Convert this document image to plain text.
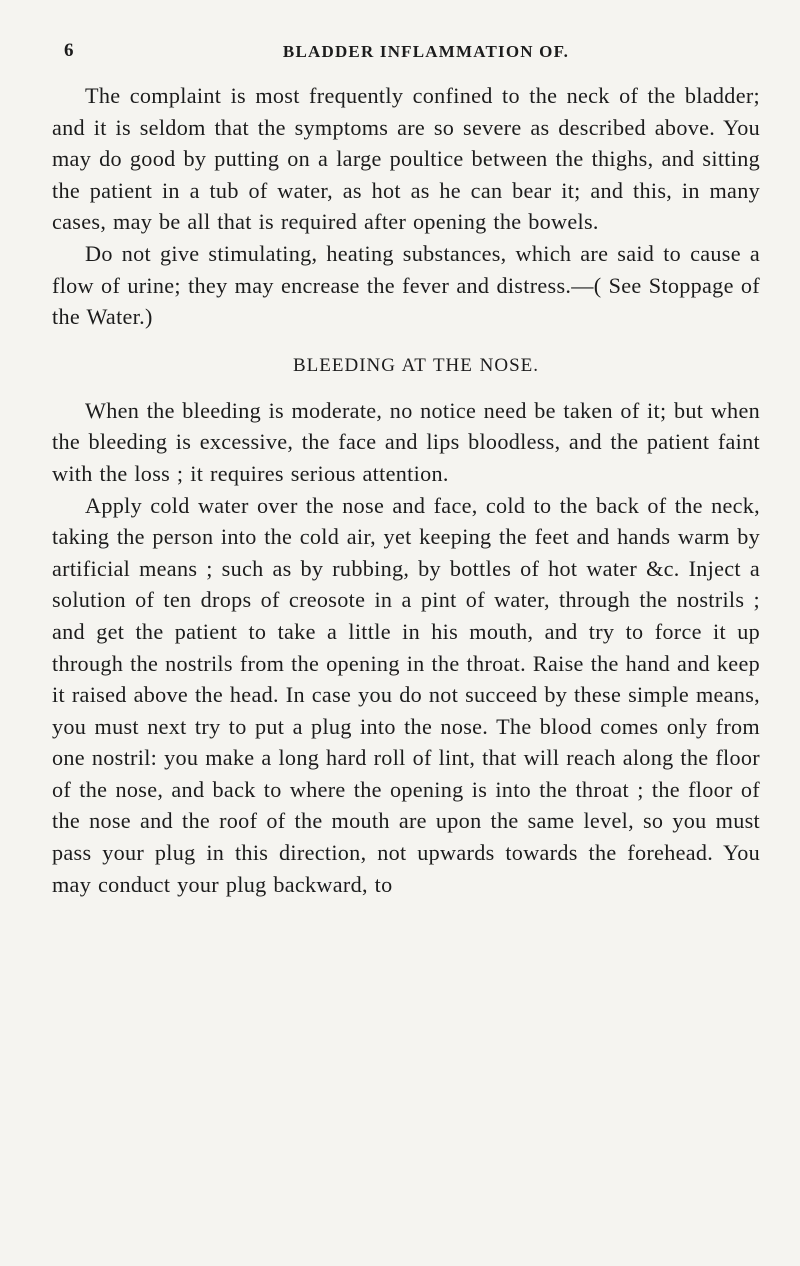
6	BLADDER INFLAMMATION OF.

The complaint is most frequently confined to the neck of the bladder; and it is seldom that the symptoms are so severe as described above. You may do good by putting on a large poultice between the thighs, and sitting the patient in a tub of water, as hot as he can bear it; and this, in many cases, may be all that is required after opening the bowels.

Do not give stimulating, heating substances, which are said to cause a flow of urine; they may encrease the fever and distress.—( See Stoppage of the Water.)

BLEEDING AT THE NOSE.

When the bleeding is moderate, no notice need be taken of it; but when the bleeding is excessive, the face and lips bloodless, and the patient faint with the loss ; it requires serious attention.

Apply cold water over the nose and face, cold to the back of the neck, taking the person into the cold air, yet keeping the feet and hands warm by artificial means ; such as by rubbing, by bottles of hot water &c. Inject a solution of ten drops of creosote in a pint of water, through the nostrils ; and get the patient to take a little in his mouth, and try to force it up through the nostrils from the opening in the throat. Raise the hand and keep it raised above the head. In case you do not succeed by these simple means, you must next try to put a plug into the nose. The blood comes only from one nostril: you make a long hard roll of lint, that will reach along the floor of the nose, and back to where the opening is into the throat ; the floor of the nose and the roof of the mouth are upon the same level, so you must pass your plug in this direction, not upwards towards the forehead. You may conduct your plug backward, to
